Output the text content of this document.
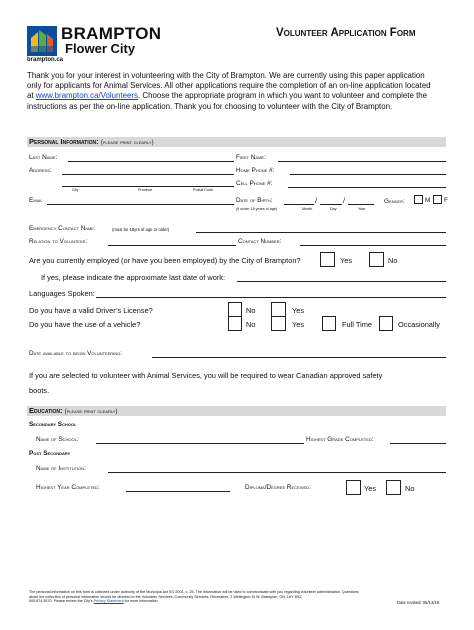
BRAMPTON
Flower City
brampton.ca
Volunteer Application Form
Thank you for your interest in volunteering with the City of Brampton. We are currently using this paper application
only for applicants for Animal Services. All other applications require the completion of an on-line application located
at www.brampton.ca/Volunteers. Choose the appropriate program in which you want to volunteer and complete the
instructions as per the on-line application. Thank you for choosing to volunteer with the City of Brampton.
Personal Information: (please print clearly)
Last Name:	First Name:
Address:	Home Phone #:
Cell Phone #:
City	Province	Postal Code
Email	Date of Birth:	/	/
(if under 18 years of age)	Month	Day	Year
Gender:	M F
Emergency Contact Name:	(must be 18yrs of age or older)
Relation to Volunteer:	Contact Number:
Are you currently employed (or have you been employed) by the City of Brampton?	Yes	No
If yes, please indicate the approximate last date of work:
Languages Spoken:
Do you have a valid Driver’s License?	No	Yes
Do you have the use of a vehicle?	No	Yes	Full Time	Occasionally
Date available to begin Volunteering:
If you are selected to volunteer with Animal Services, you will be required to wear Canadian approved safety
boots.
Education: (please print clearly)
Secondary School
Name of School:	Highest Grade Completed:
Post Secondary
Name of Institution:
Highest Year Completed:	Diploma/Degree Received:	Yes	No
The personal information on this form is collected under authority of the Municipal Act SO 2001, c. 25. The information will be used to communicate with you regarding volunteer administration. Questions
about the collection of personal information should be directed to the Volunteer Services, Community Services, Recreation, 2 Wellington St W, Brampton, ON, L6Y 4R2,
905.874.5570. Please review the City's Privacy Statement for more information.	Date revised: 05/13/19
